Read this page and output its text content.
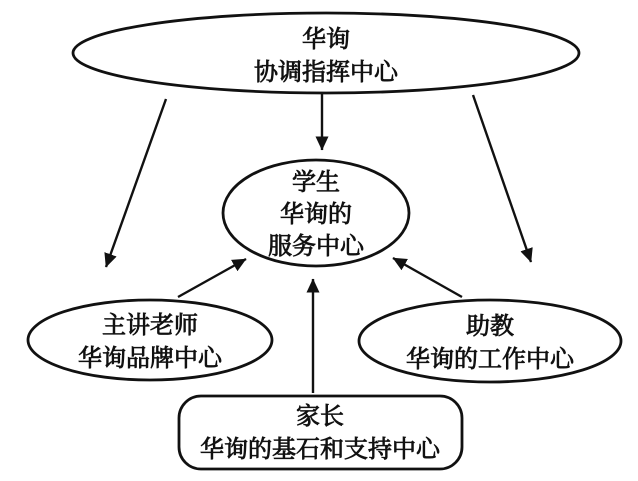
华询
协调指挥中心
学生
华询的
服务中心
主讲老师
华询品牌中心
助教
华询的工作中心
家长
华询的基石和支持中心
